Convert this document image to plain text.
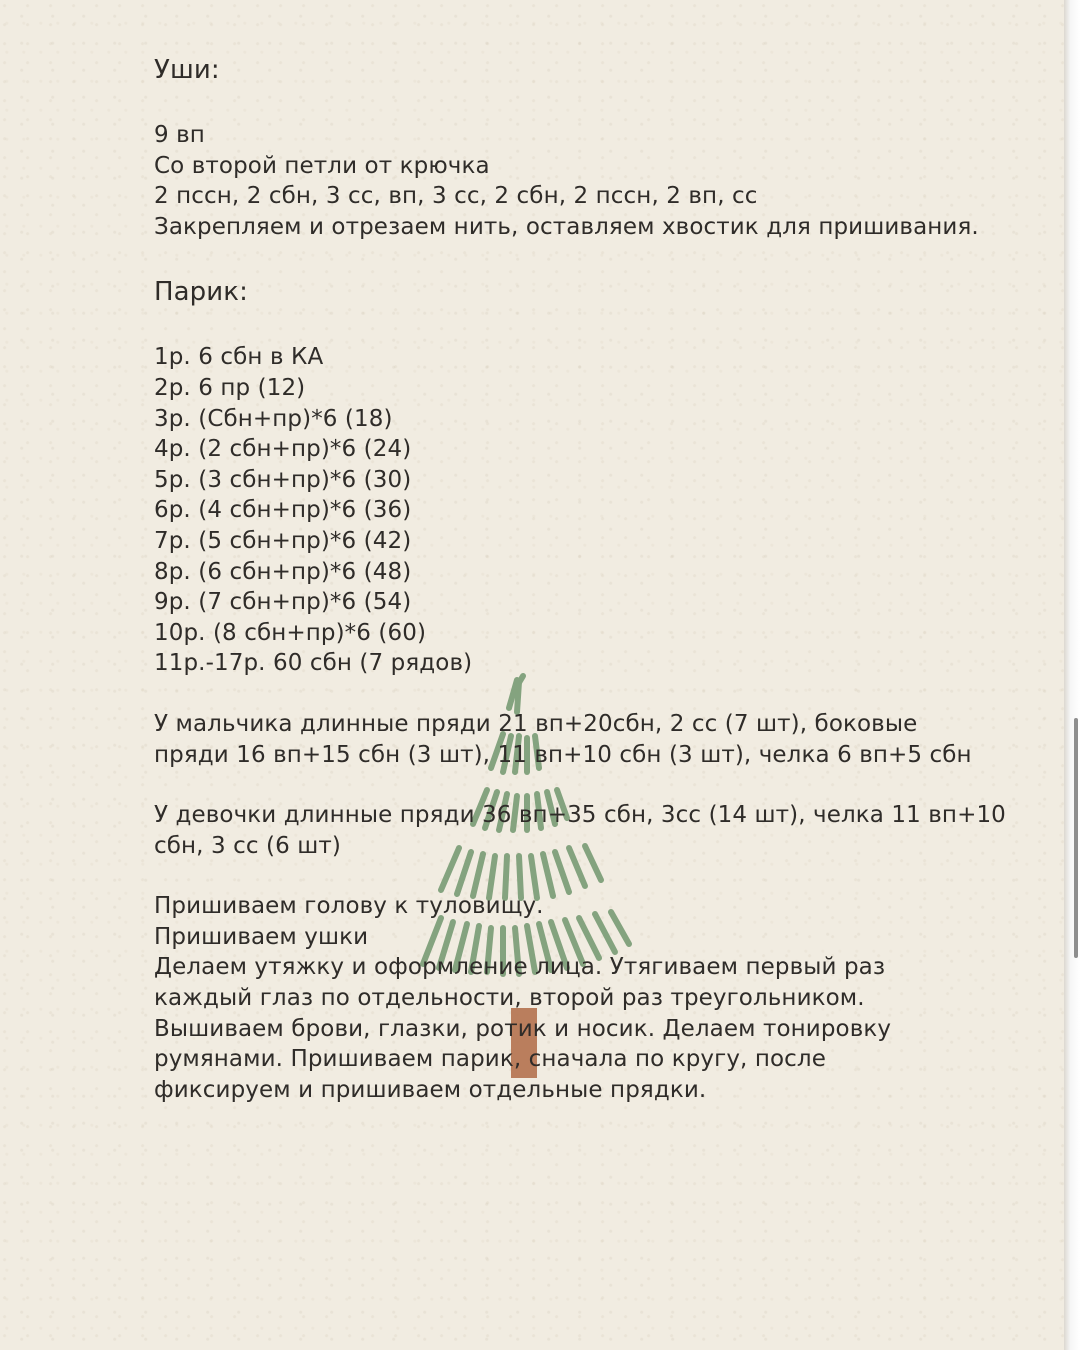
Уши:

9 вп

Со второй петли от крючка

2 пссн, 2 сбн, 3 сс, вп, 3 сс, 2 сбн, 2 пссн, 2 вп, сс

Закрепляем и отрезаем нить, оставляем хвостик для пришивания.

Парик:

1р. 6 сбн в КА

2р. 6 пр (12)

3р. (Сбн+пр)*6 (18)

4р. (2 сбн+пр)*6 (24)

5р. (3 сбн+пр)*6 (30)

6р. (4 сбн+пр)*6 (36)

7р. (5 сбн+пр)*6 (42)

8р. (6 сбн+пр)*6 (48)

9р. (7 сбн+пр)*6 (54)

10р. (8 сбн+пр)*6 (60)

11р.-17р. 60 сбн (7 рядов)

У мальчика длинные пряди 21 вп+20сбн, 2 сс (7 шт), боковые

пряди 16 вп+15 сбн (3 шт), 11 вп+10 сбн (3 шт), челка 6 вп+5 сбн

У девочки длинные пряди 36 вп+35 сбн, 3сс (14 шт), челка 11 вп+10

сбн, 3 сс (6 шт)

Пришиваем голову к туловищу.

Пришиваем ушки

Делаем утяжку и оформление лица. Утягиваем первый раз

каждый глаз по отдельности, второй раз треугольником.

Вышиваем брови, глазки, ротик и носик. Делаем тонировку

румянами. Пришиваем парик, сначала по кругу, после

фиксируем и пришиваем отдельные прядки.
